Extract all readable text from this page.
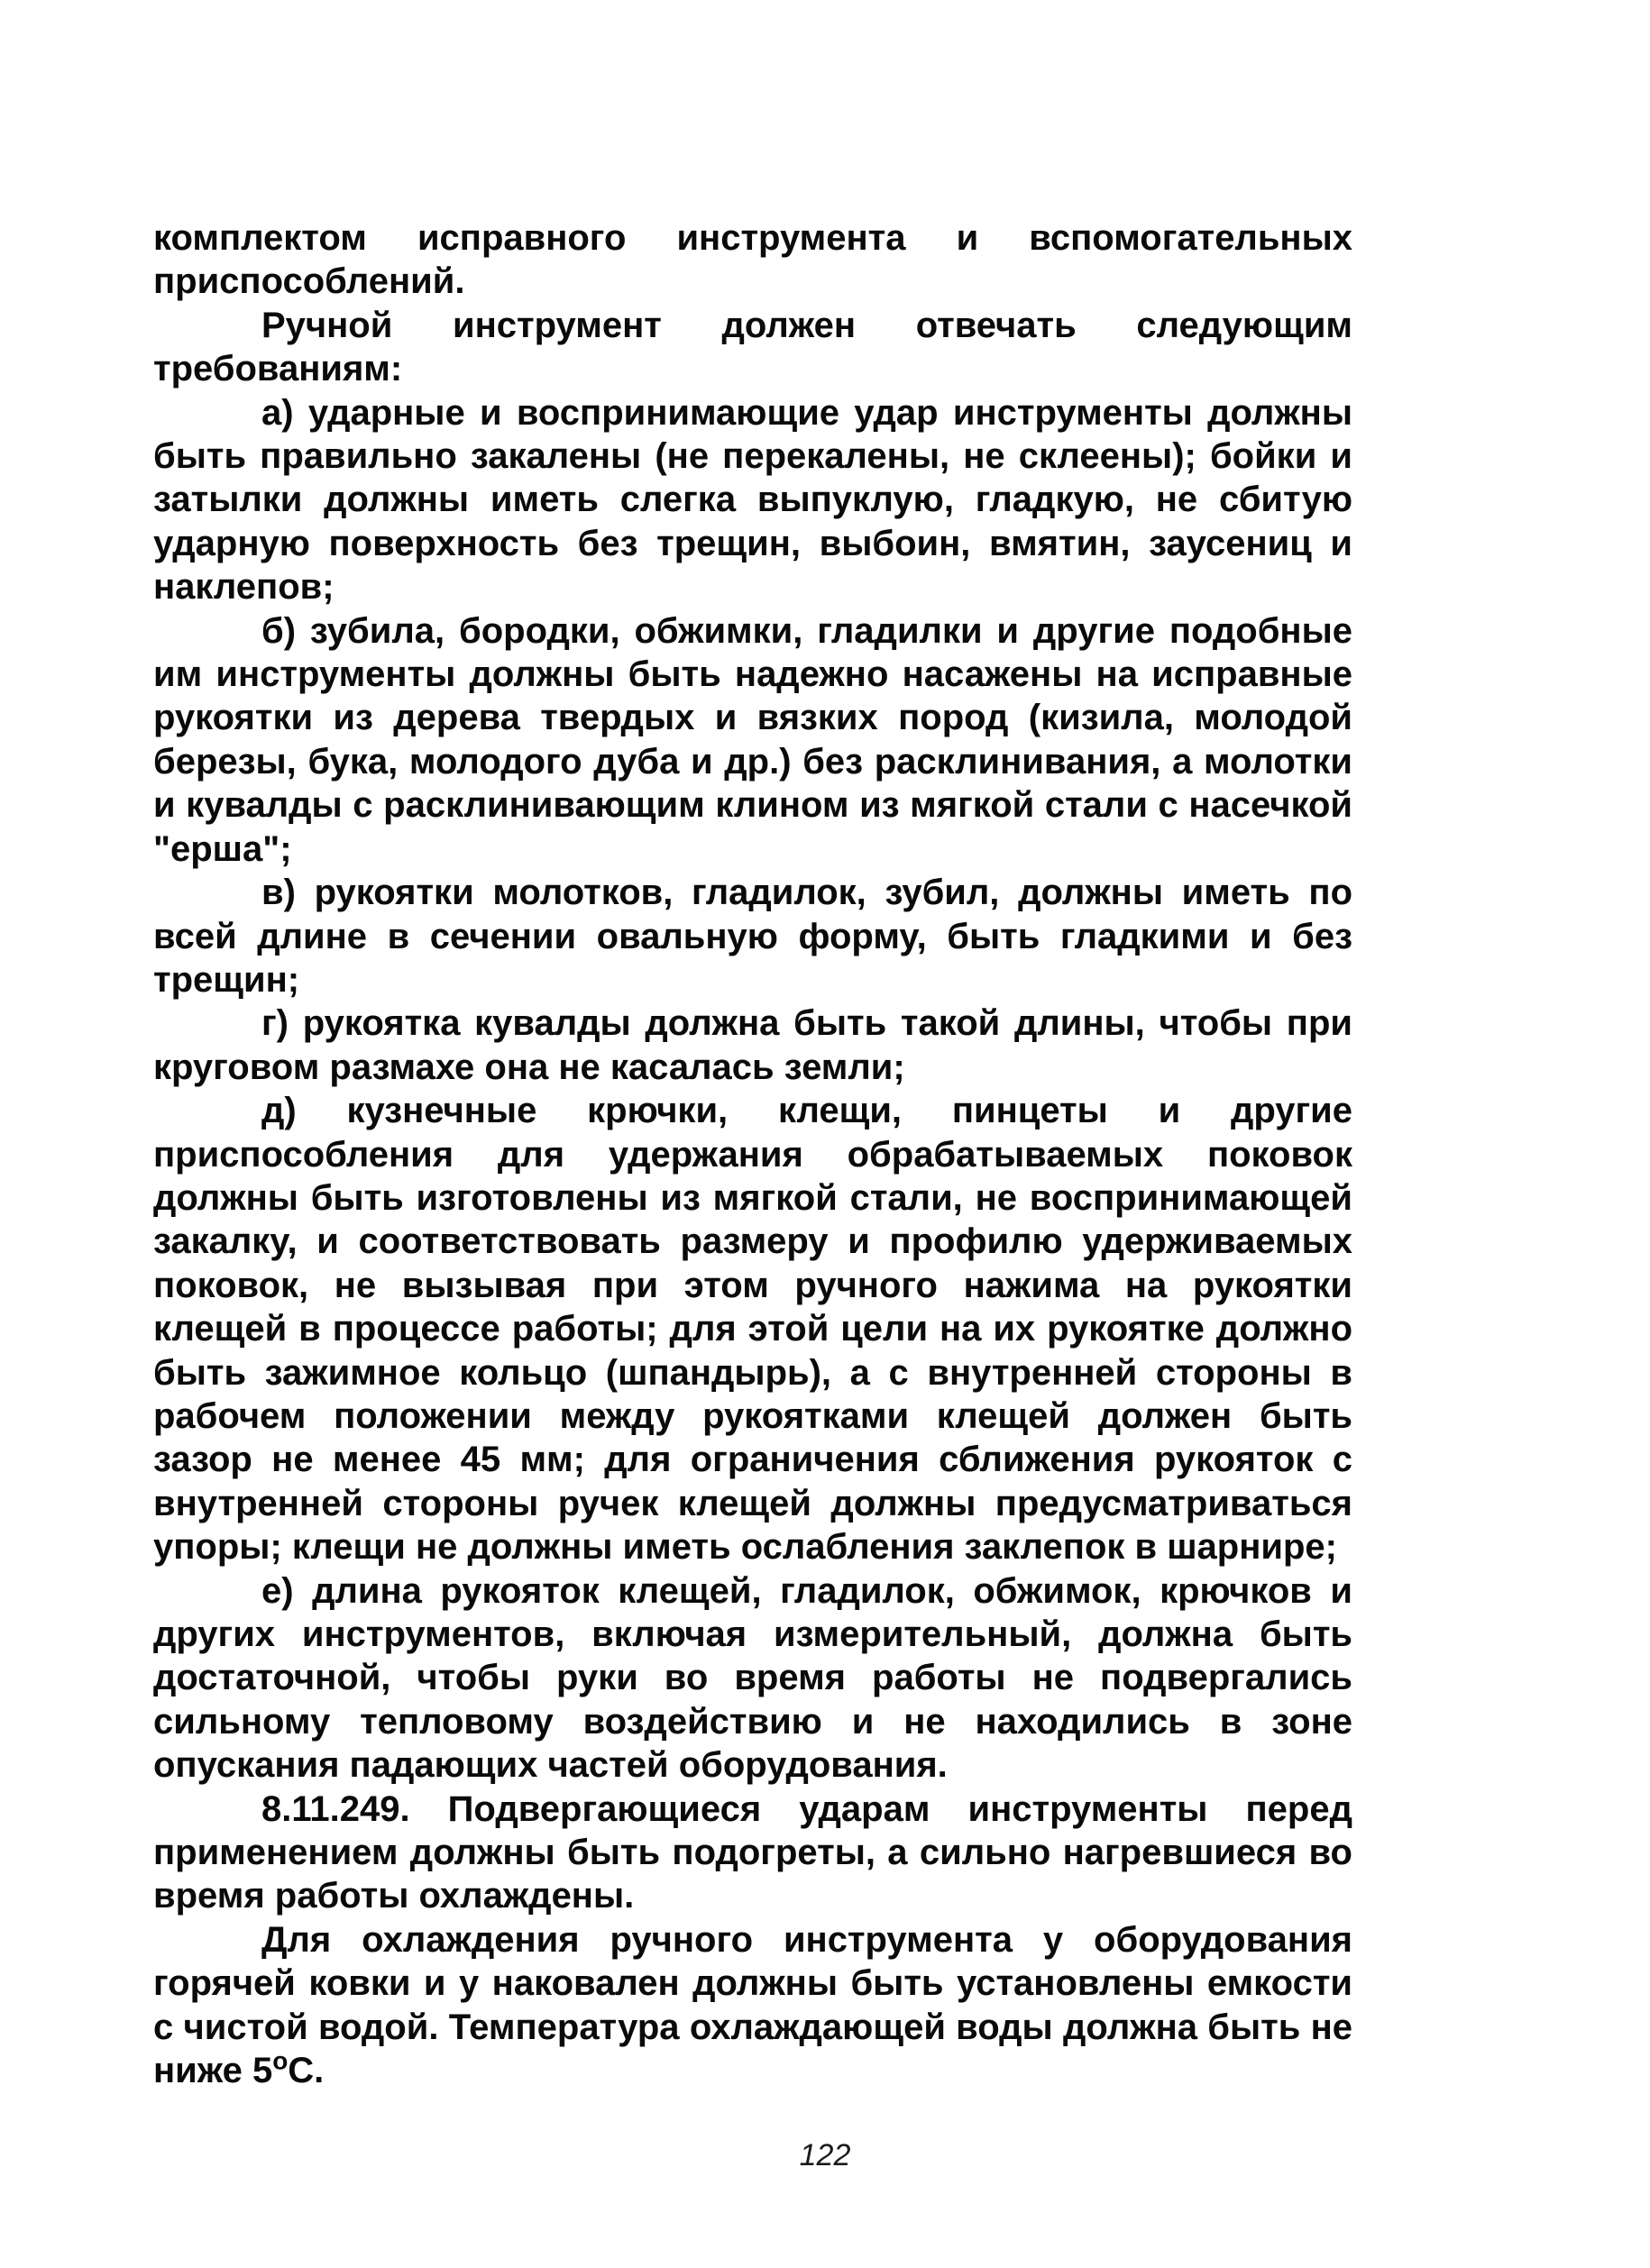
комплектом исправного инструмента и вспомогательных приспособлений.

Ручной инструмент должен отвечать следующим требованиям:

а) ударные и воспринимающие удар инструменты должны быть правильно закалены (не перекалены, не склеены); бойки и затылки должны иметь слегка выпуклую, гладкую, не сбитую ударную поверхность без трещин, выбоин, вмятин, заусениц и наклепов;

б) зубила, бородки, обжимки, гладилки и другие подобные им инструменты должны быть надежно насажены на исправные рукоятки из дерева твердых и вязких пород (кизила, молодой березы, бука, молодого дуба и др.) без расклинивания, а молотки и кувалды с расклинивающим клином из мягкой стали с насечкой "ерша";

в) рукоятки молотков, гладилок, зубил, должны иметь по всей длине в сечении овальную форму, быть гладкими и без трещин;

г) рукоятка кувалды должна быть такой длины, чтобы при круговом размахе она не касалась земли;

д) кузнечные крючки, клещи, пинцеты и другие приспособления для удержания обрабатываемых поковок должны быть изготовлены из мягкой стали, не воспринимающей закалку, и соответствовать размеру и профилю удерживаемых поковок, не вызывая при этом ручного нажима на рукоятки клещей в процессе работы; для этой цели на их рукоятке должно быть зажимное кольцо (шпандырь), а с внутренней стороны в рабочем положении между рукоятками клещей должен быть зазор не менее 45 мм; для ограничения сближения рукояток с внутренней стороны ручек клещей должны предусматриваться упоры; клещи не должны иметь ослабления заклепок в шарнире;

е) длина рукояток клещей, гладилок, обжимок, крючков и других инструментов, включая измерительный, должна быть достаточной, чтобы руки во время работы не подвергались сильному тепловому воздействию и не находились в зоне опускания падающих частей оборудования.

8.11.249. Подвергающиеся ударам инструменты перед применением должны быть подогреты, а сильно нагревшиеся во время работы охлаждены.

Для охлаждения ручного инструмента у оборудования горячей ковки и у наковален должны быть установлены емкости с чистой водой. Температура охлаждающей воды должна быть не ниже $5^оС$.

122
